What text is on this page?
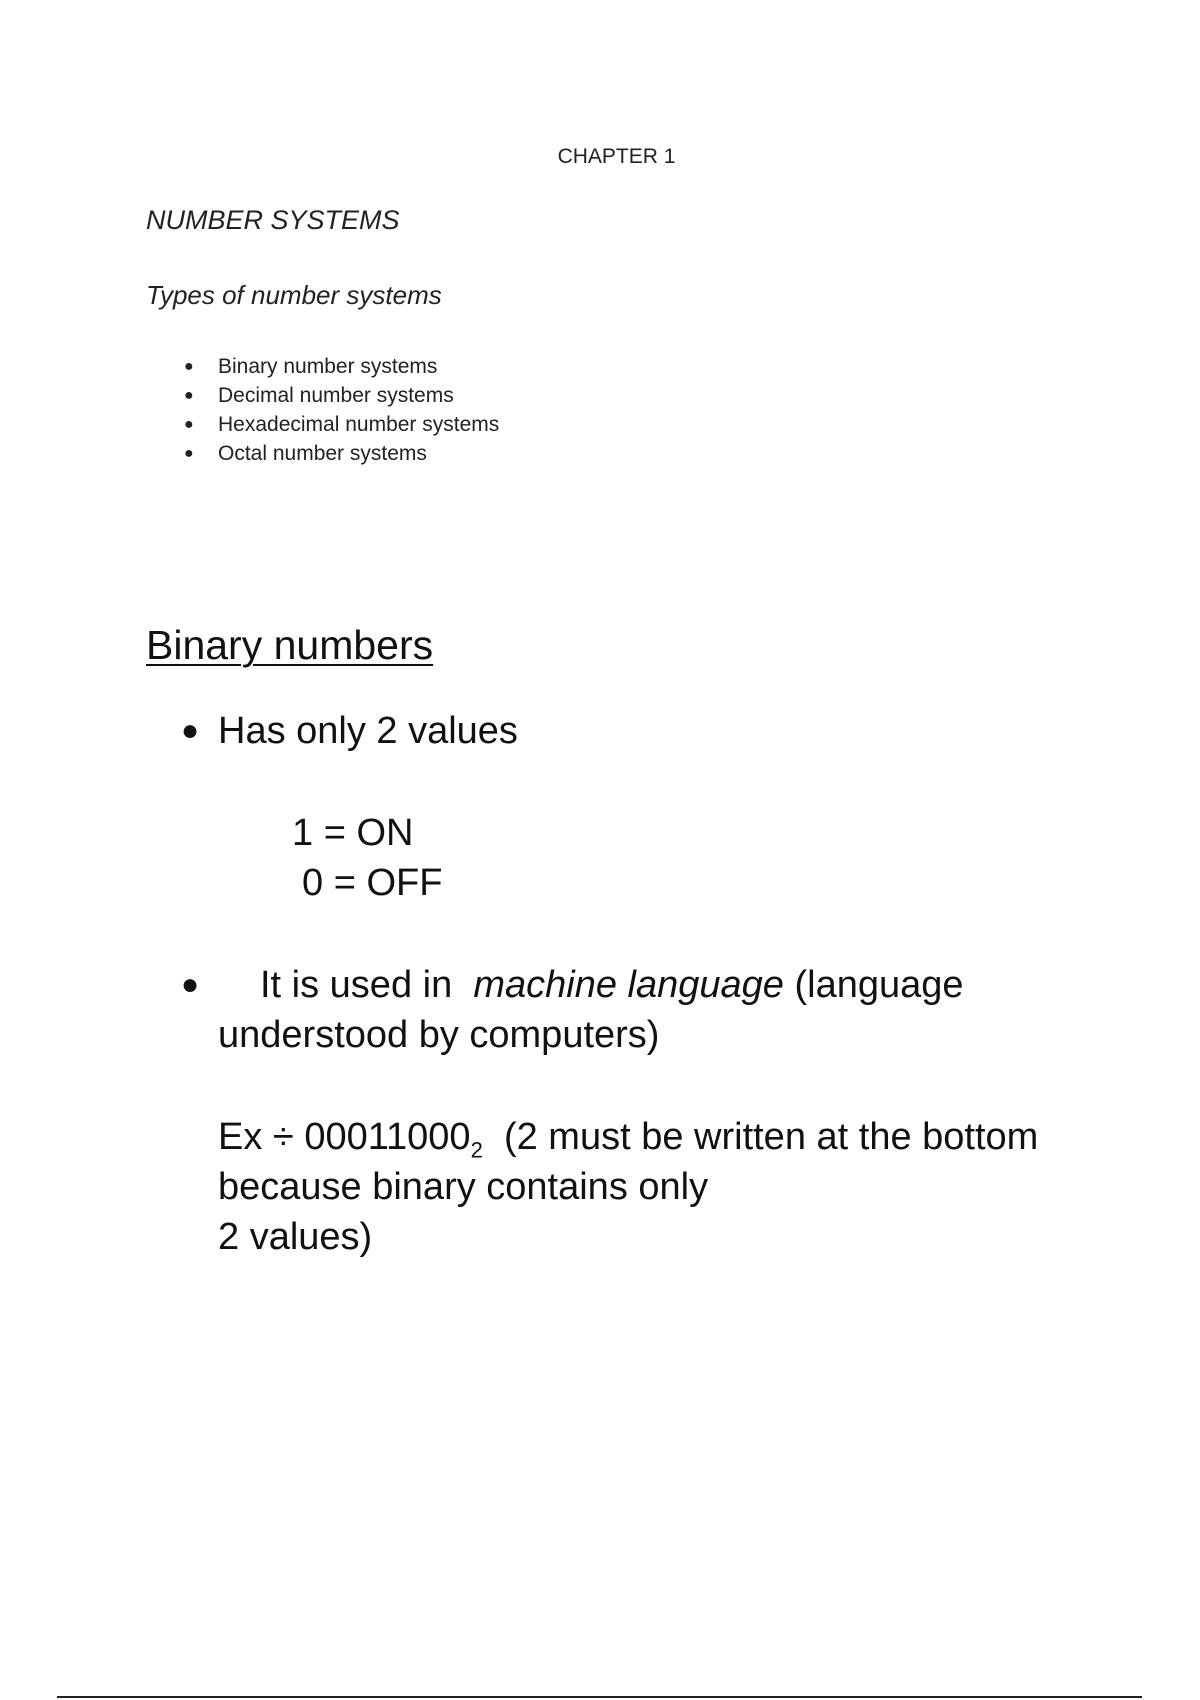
CHAPTER 1

NUMBER SYSTEMS

Types of number systems

● Binary number systems
● Decimal number systems
● Hexadecimal number systems
● Octal number systems

Binary numbers

● Has only 2 values

1 = ON

0 = OFF

● It is used in machine language (language

understood by computers)

$Ex \div 00011000_2$ (2 must be written at the bottom

because binary contains only

2 values)
